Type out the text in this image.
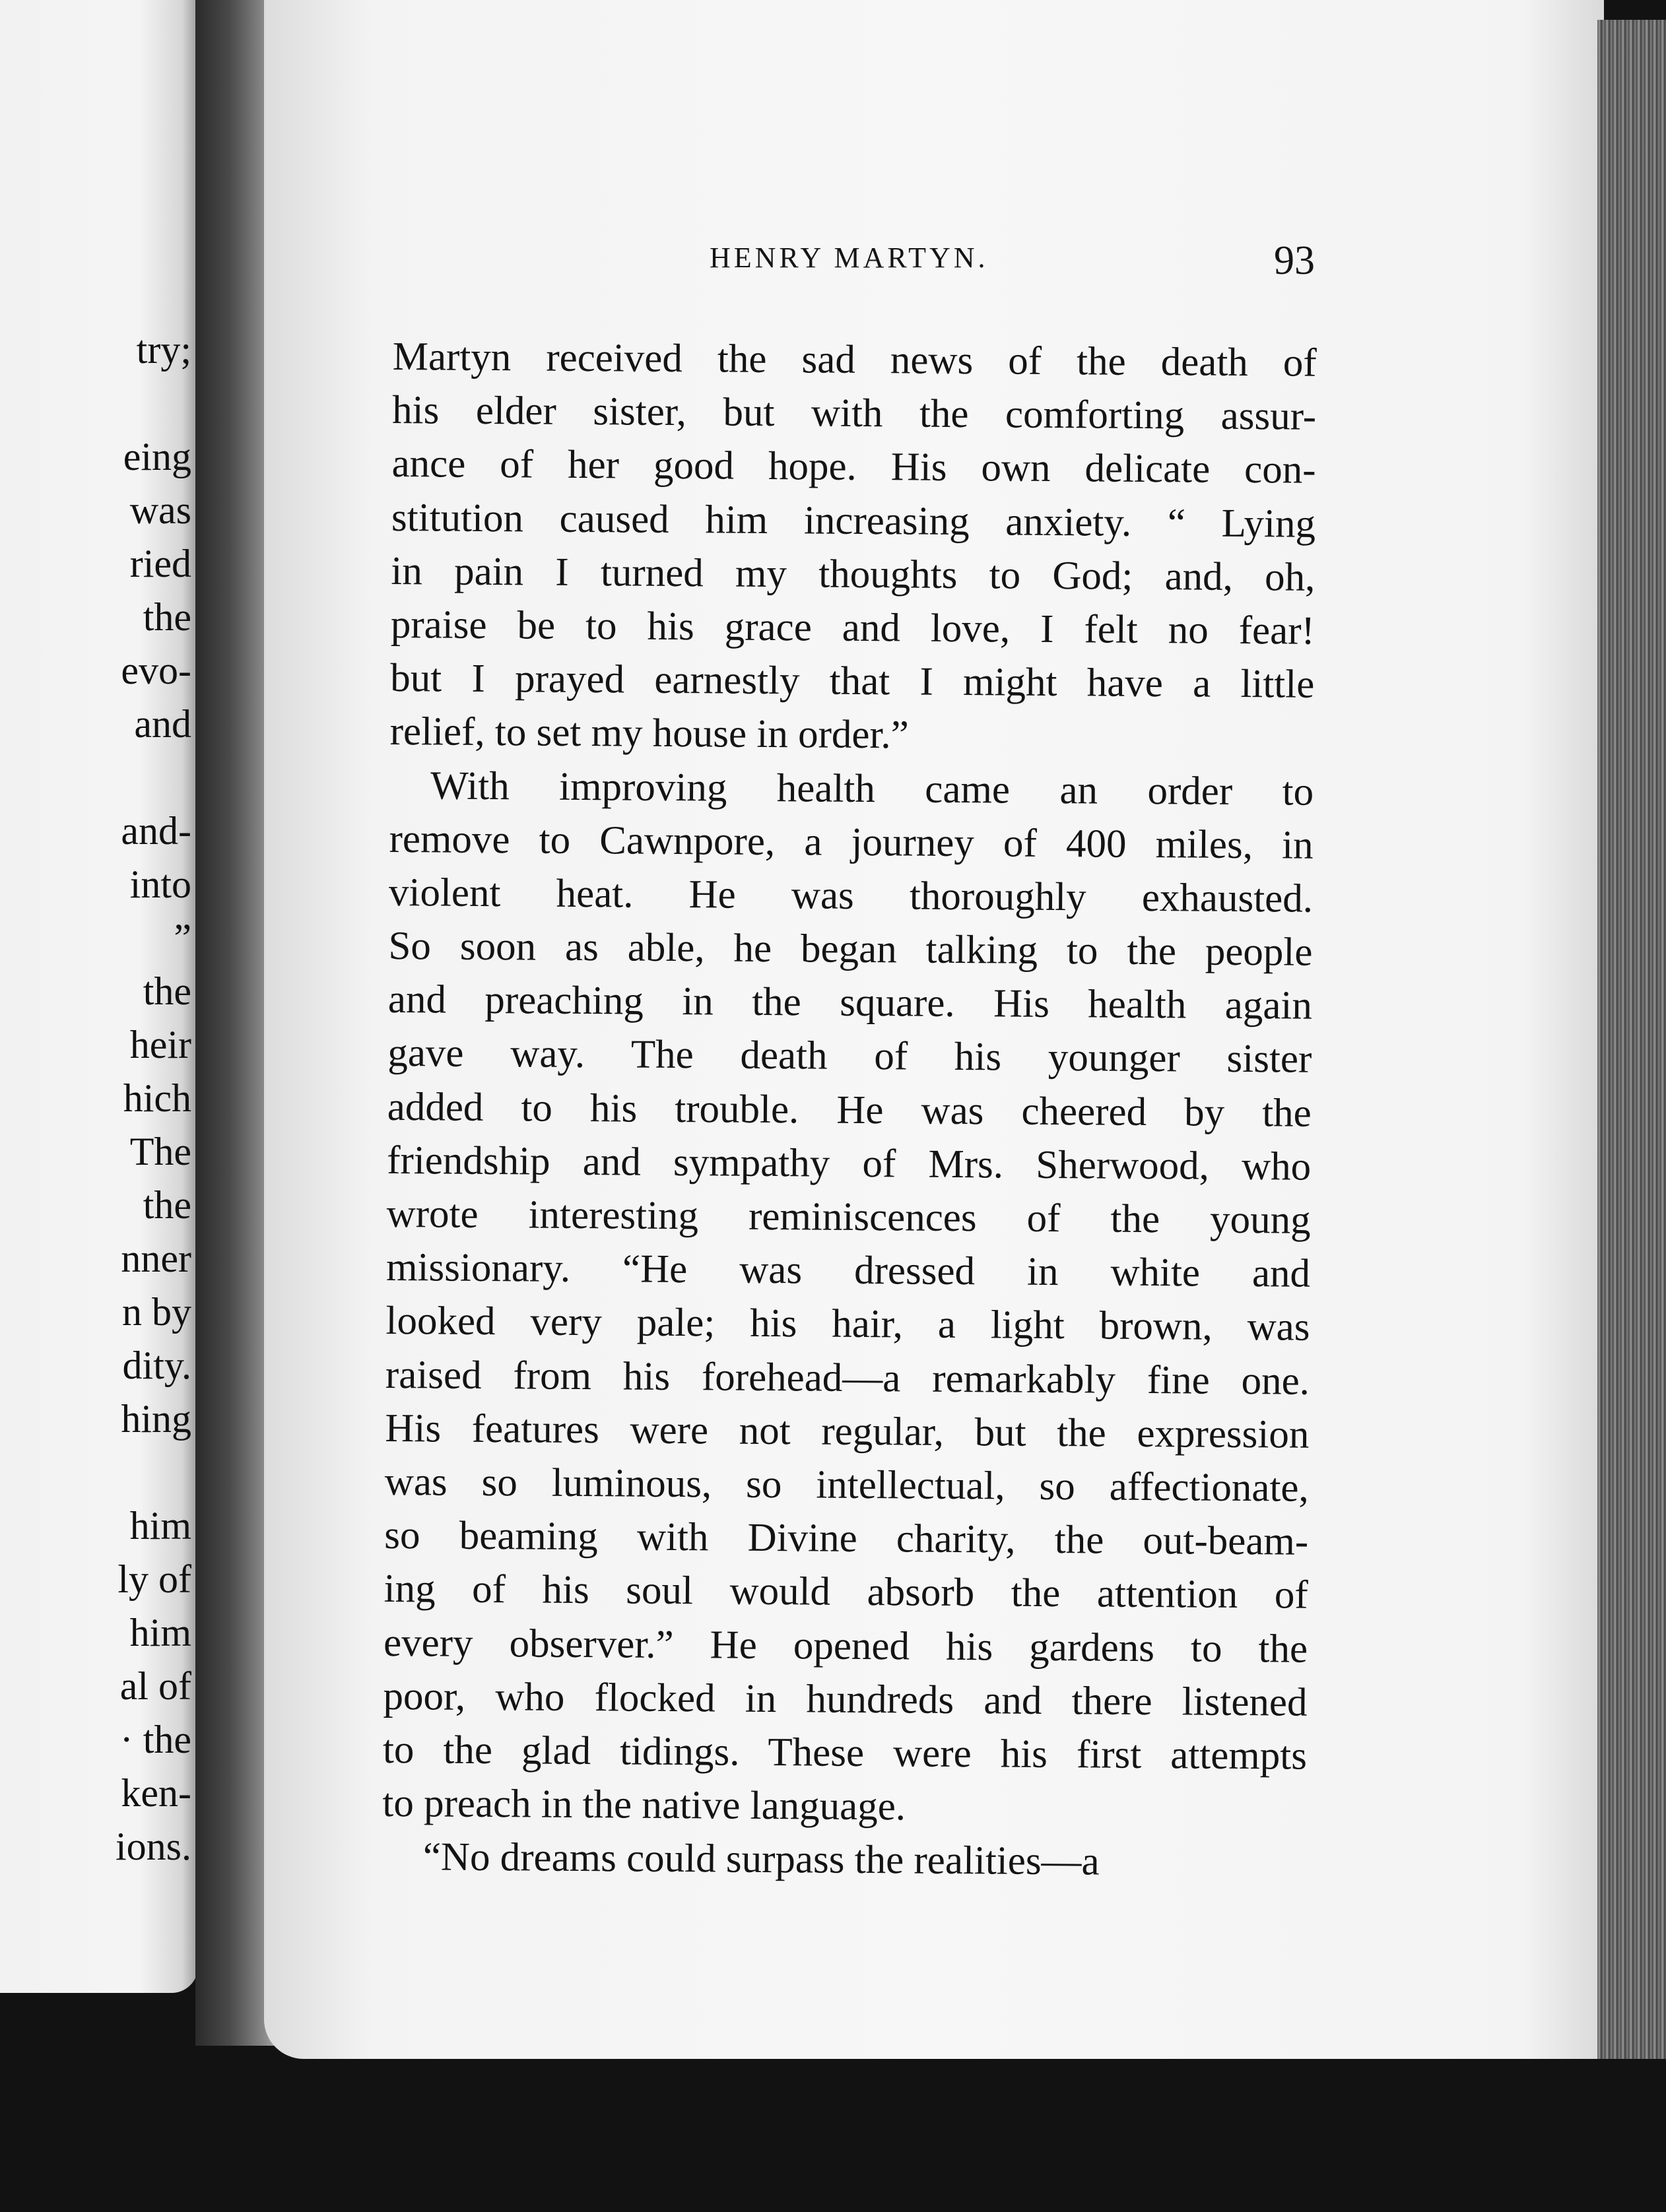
try;
eing
was
ried
the
evo-
and
and-
into
”
the
heir
hich
The
the
nner
n by
dity.
hing
him
ly of
him
al of
· the
ken-
ions.
HENRY MARTYN.	93
Martyn received the sad news of the death of
his elder sister, but with the comforting assur-
ance of her good hope. His own delicate con-
stitution caused him increasing anxiety. “ Lying
in pain I turned my thoughts to God; and, oh,
praise be to his grace and love, I felt no fear!
but I prayed earnestly that I might have a little
relief, to set my house in order.”
With improving health came an order to
remove to Cawnpore, a journey of 400 miles, in
violent heat. He was thoroughly exhausted.
So soon as able, he began talking to the people
and preaching in the square. His health again
gave way. The death of his younger sister
added to his trouble. He was cheered by the
friendship and sympathy of Mrs. Sherwood, who
wrote interesting reminiscences of the young
missionary. “He was dressed in white and
looked very pale; his hair, a light brown, was
raised from his forehead—a remarkably fine one.
His features were not regular, but the expression
was so luminous, so intellectual, so affectionate,
so beaming with Divine charity, the out-beam-
ing of his soul would absorb the attention of
every observer.” He opened his gardens to the
poor, who flocked in hundreds and there listened
to the glad tidings. These were his first attempts
to preach in the native language.
“No dreams could surpass the realities—a
